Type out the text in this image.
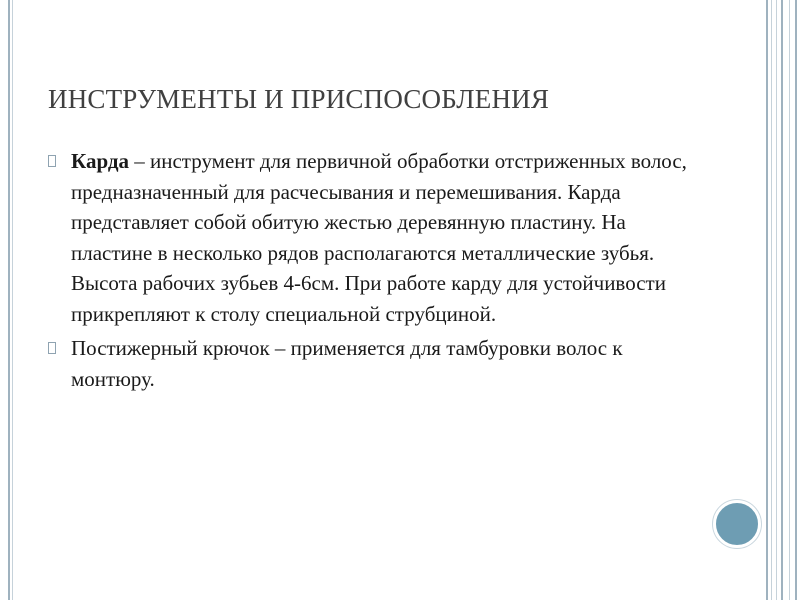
ИНСТРУМЕНТЫ И ПРИСПОСОБЛЕНИЯ
Карда – инструмент для первичной обработки отстриженных волос, предназначенный для расчесывания и перемешивания. Карда представляет собой обитую жестью деревянную пластину. На пластине в несколько рядов располагаются металлические зубья. Высота рабочих зубьев 4-6см. При работе карду для устойчивости прикрепляют к столу специальной струбциной.
Постижерный крючок – применяется для тамбуровки волос к монтюру.
